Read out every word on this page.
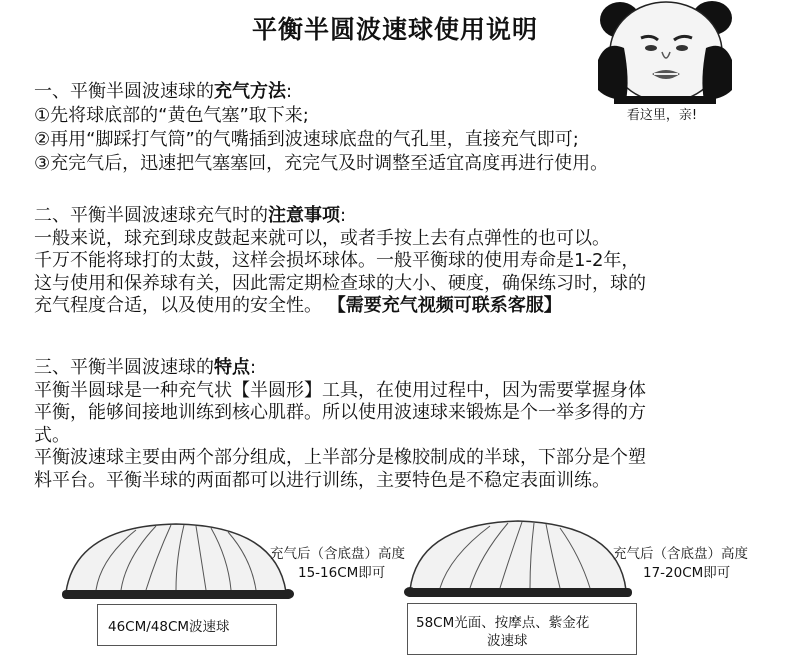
平衡半圆波速球使用说明
看这里，亲!
一、平衡半圆波速球的充气方法:
①先将球底部的“黄色气塞”取下来;
②再用“脚踩打气筒”的气嘴插到波速球底盘的气孔里，直接充气即可;
③充完气后，迅速把气塞塞回，充完气及时调整至适宜高度再进行使用。
二、平衡半圆波速球充气时的注意事项:
一般来说，球充到球皮鼓起来就可以，或者手按上去有点弹性的也可以。
千万不能将球打的太鼓，这样会损坏球体。一般平衡球的使用寿命是1-2年，
这与使用和保养球有关，因此需定期检查球的大小、硬度，确保练习时，球的
充气程度合适，以及使用的安全性。 【需要充气视频可联系客服】
三、平衡半圆波速球的特点:
平衡半圆球是一种充气状【半圆形】工具，在使用过程中，因为需要掌握身体
平衡，能够间接地训练到核心肌群。所以使用波速球来锻炼是个一举多得的方
式。
平衡波速球主要由两个部分组成，上半部分是橡胶制成的半球，下部分是个塑
料平台。平衡半球的两面都可以进行训练，主要特色是不稳定表面训练。
充气后（含底盘）高度
15-16CM即可
46CM/48CM波速球
充气后（含底盘）高度
17-20CM即可
58CM光面、按摩点、紫金花
波速球
